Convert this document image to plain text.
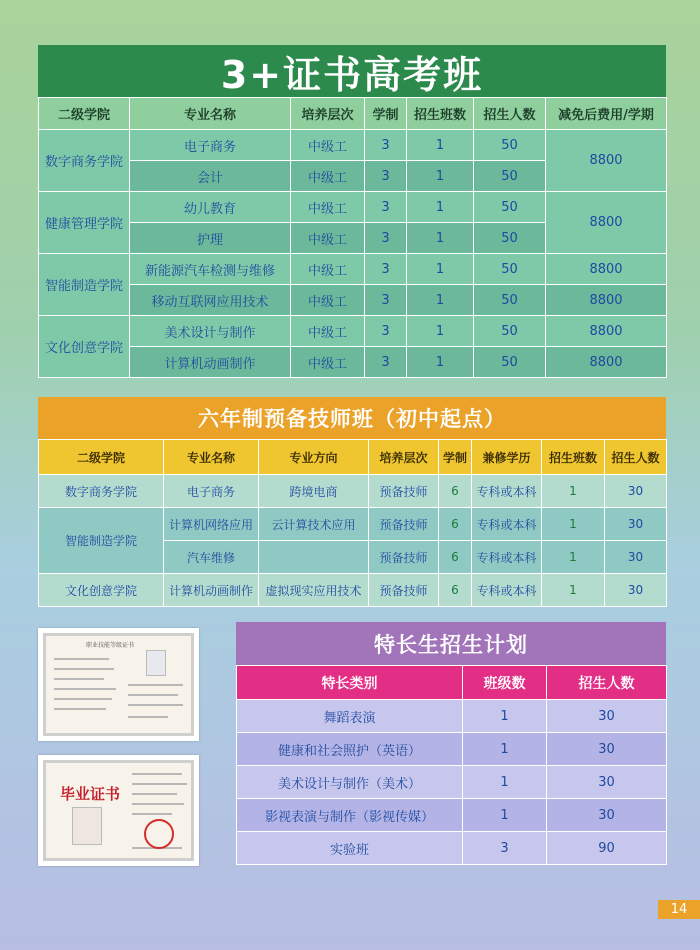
3+证书高考班
二级学院	专业名称	培养层次	学制	招生班数	招生人数	减免后费用/学期
数字商务学院	电子商务	中级工	3	1	50	8800
	会计	中级工	3	1	50	
健康管理学院	幼儿教育	中级工	3	1	50	8800
	护理	中级工	3	1	50	
智能制造学院	新能源汽车检测与维修	中级工	3	1	50	8800
	移动互联网应用技术	中级工	3	1	50	8800
文化创意学院	美术设计与制作	中级工	3	1	50	8800
	计算机动画制作	中级工	3	1	50	8800
六年制预备技师班（初中起点）
二级学院	专业名称	专业方向	培养层次	学制	兼修学历	招生班数	招生人数
数字商务学院	电子商务	跨境电商	预备技师	6	专科或本科	1	30
智能制造学院	计算机网络应用	云计算技术应用	预备技师	6	专科或本科	1	30
	汽车维修		预备技师	6	专科或本科	1	30
文化创意学院	计算机动画制作	虚拟现实应用技术	预备技师	6	专科或本科	1	30
职业技能等级证书
毕业证书
特长生招生计划
特长类别	班级数	招生人数
舞蹈表演	1	30
健康和社会照护（英语）	1	30
美术设计与制作（美术）	1	30
影视表演与制作（影视传媒）	1	30
实验班	3	90
14
